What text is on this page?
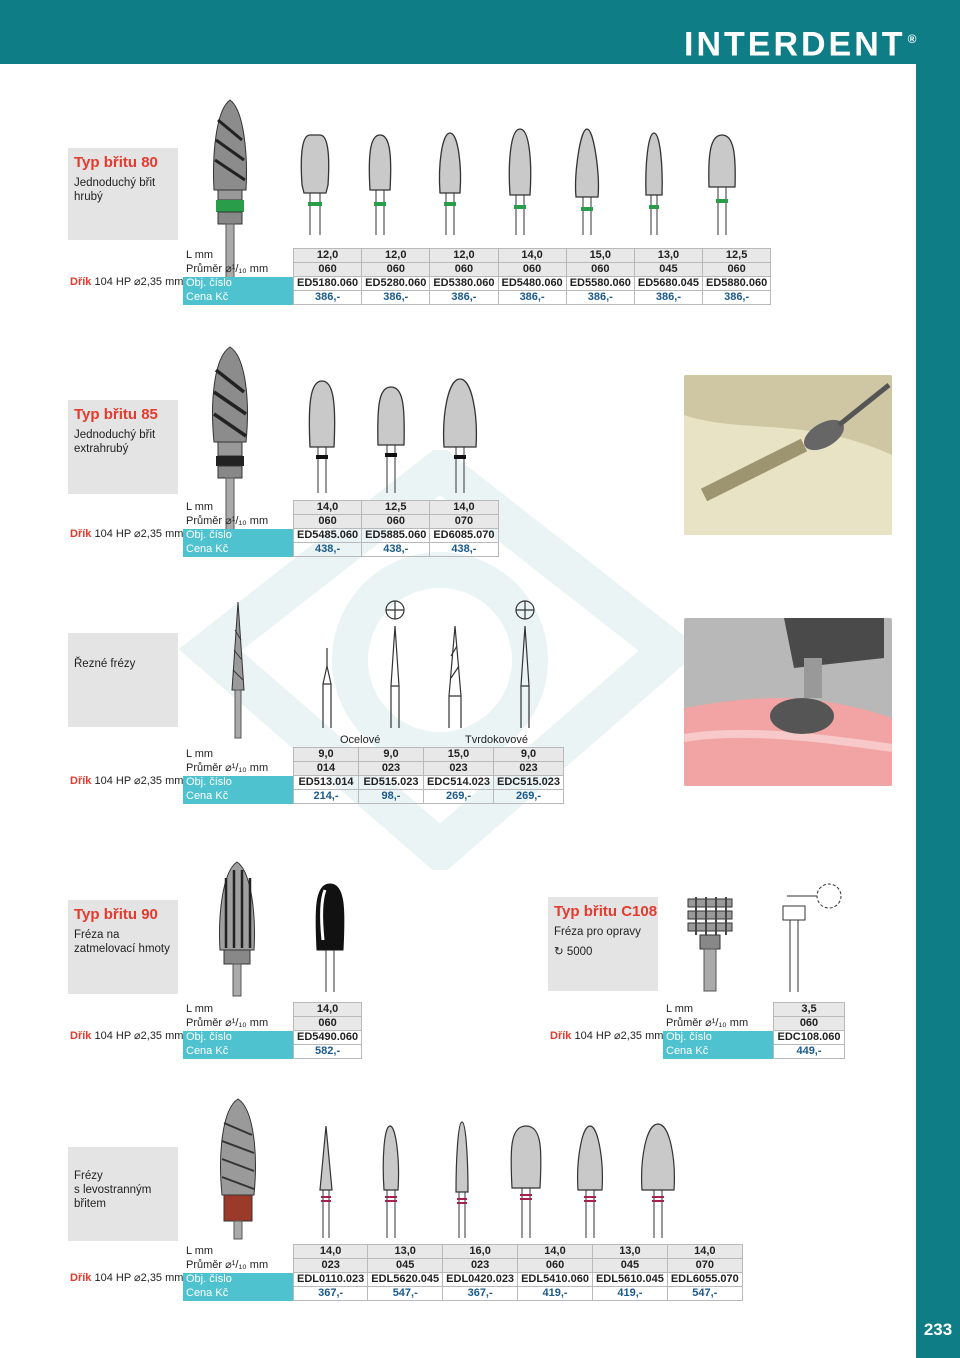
INTERDENT ®
233
Typ břitu 80
Jednoduchý břit
hrubý
Dřík 104 HP ⌀2,35 mm
L mm	12,0	12,0	12,0	14,0	15,0	13,0	12,5
Průměr ⌀¹/₁₀ mm	060	060	060	060	060	045	060
Obj. číslo	ED5180.060	ED5280.060	ED5380.060	ED5480.060	ED5580.060	ED5680.045	ED5880.060
Cena Kč	386,-	386,-	386,-	386,-	386,-	386,-	386,-
Typ břitu 85
Jednoduchý břit
extrahrubý
Dřík 104 HP ⌀2,35 mm
L mm	14,0	12,5	14,0
Průměr ⌀¹/₁₀ mm	060	060	070
Obj. číslo	ED5485.060	ED5885.060	ED6085.070
Cena Kč	438,-	438,-	438,-
Řezné frézy
Ocelové	Tvrdokovové
Dřík 104 HP ⌀2,35 mm
L mm	9,0	9,0	15,0	9,0
Průměr ⌀¹/₁₀ mm	014	023	023	023
Obj. číslo	ED513.014	ED515.023	EDC514.023	EDC515.023
Cena Kč	214,-	98,-	269,-	269,-
Typ břitu 90
Fréza na
zatmelovací hmoty
Dřík 104 HP ⌀2,35 mm
L mm	14,0
Průměr ⌀¹/₁₀ mm	060
Obj. číslo	ED5490.060
Cena Kč	582,-
Typ břitu C108
Fréza pro opravy
↻ 5000
Dřík 104 HP ⌀2,35 mm
L mm	3,5
Průměr ⌀¹/₁₀ mm	060
Obj. číslo	EDC108.060
Cena Kč	449,-
Frézy
s levostranným
břitem
Dřík 104 HP ⌀2,35 mm
L mm	14,0	13,0	16,0	14,0	13,0	14,0
Průměr ⌀¹/₁₀ mm	023	045	023	060	045	070
Obj. číslo	EDL0110.023	EDL5620.045	EDL0420.023	EDL5410.060	EDL5610.045	EDL6055.070
Cena Kč	367,-	547,-	367,-	419,-	419,-	547,-
